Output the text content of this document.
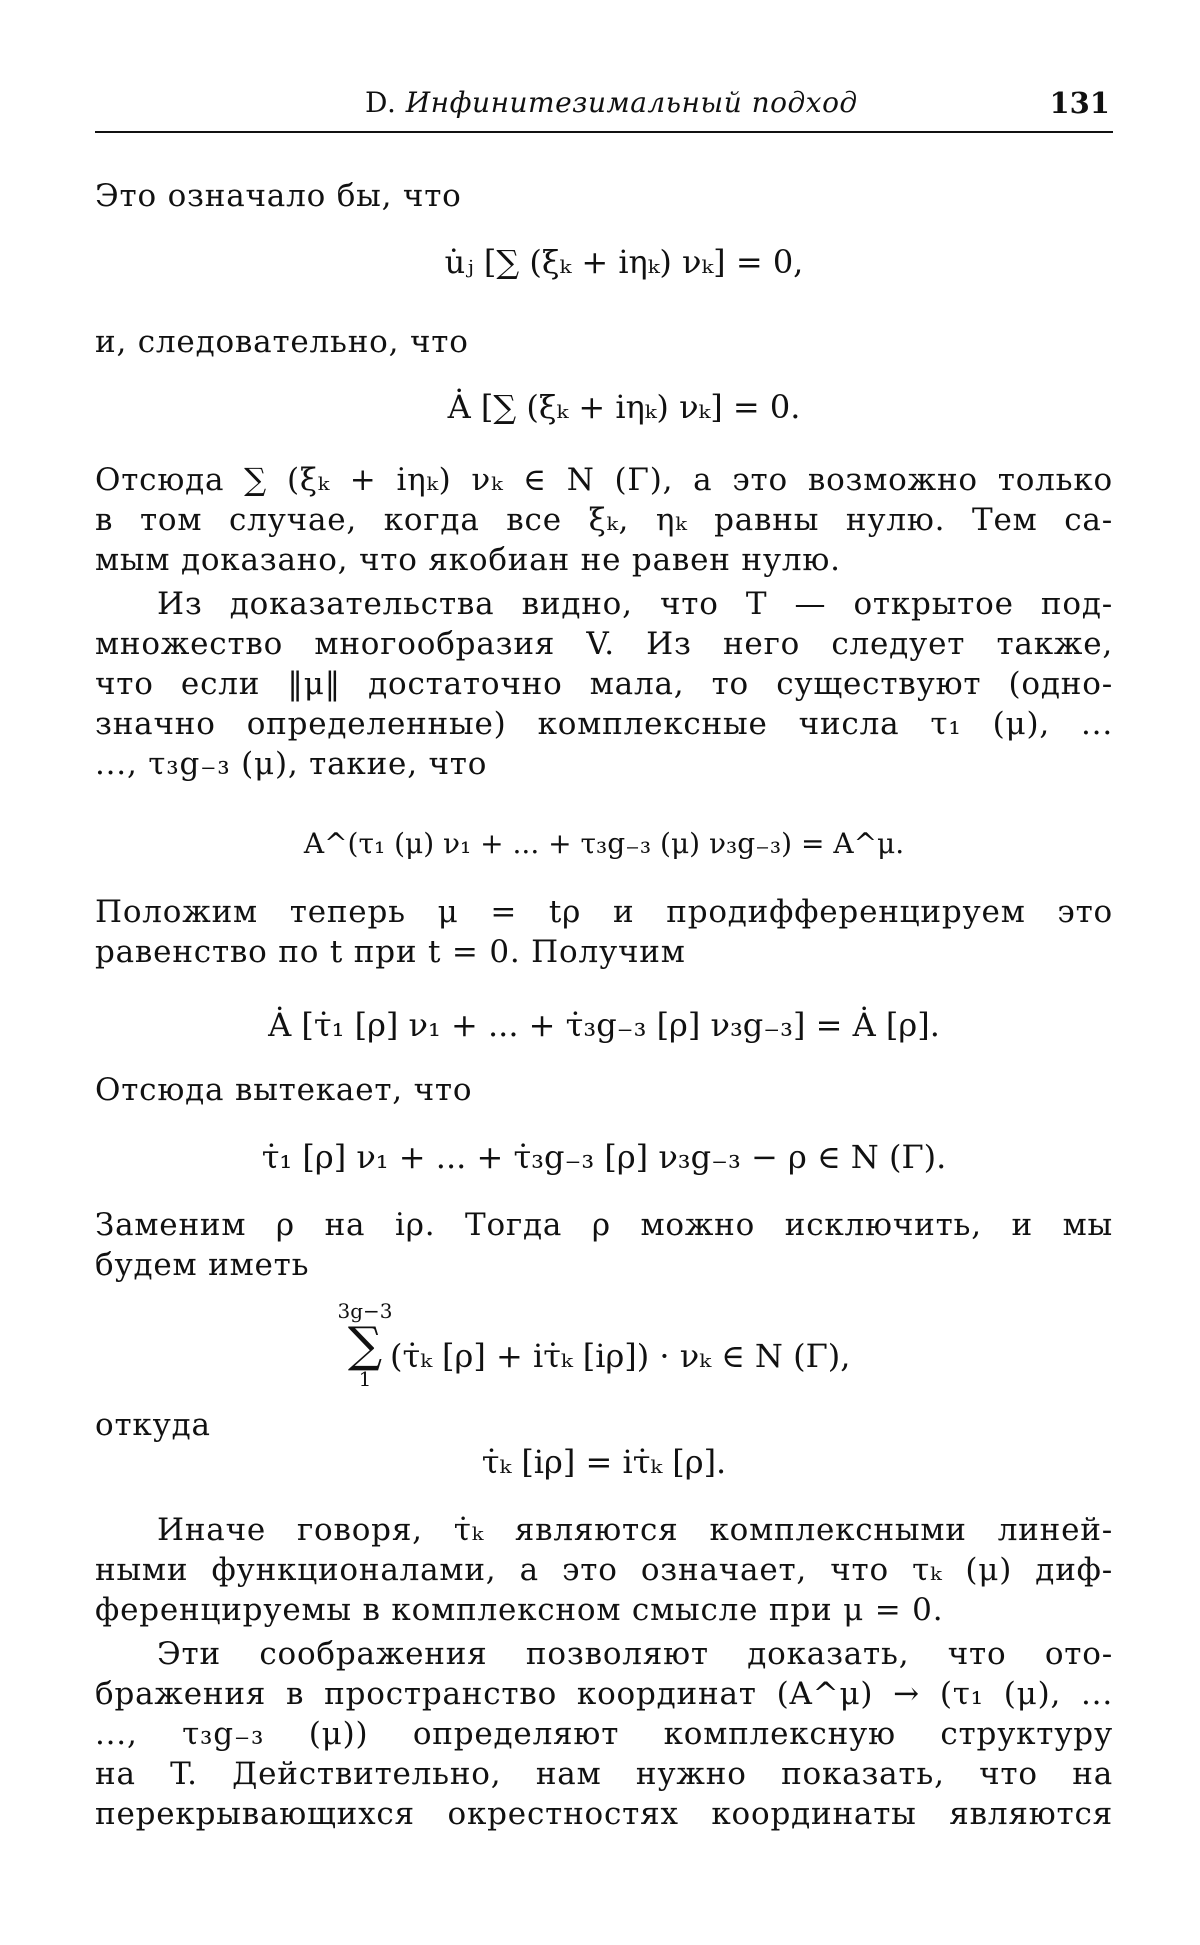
D. Инфинитезимальный подход	131
Это означало бы, что
u̇ⱼ [∑ (ξₖ + iηₖ) νₖ] = 0,
и, следовательно, что
Ȧ [∑ (ξₖ + iηₖ) νₖ] = 0.
Отсюда ∑ (ξₖ + iηₖ) νₖ ∈ N (Γ), а это возможно только
в том случае, когда все ξₖ, ηₖ равны нулю. Тем са-
мым доказано, что якобиан не равен нулю.
Из доказательства видно, что T — открытое под-
множество многообразия V. Из него следует также,
что если ‖μ‖ достаточно мала, то существуют (одно-
значно определенные) комплексные числа τ₁ (μ), ...
..., τ₃g₋₃ (μ), такие, что
A^(τ₁ (μ) ν₁ + ... + τ₃g₋₃ (μ) ν₃g₋₃) = A^μ.
Положим теперь μ = tρ и продифференцируем это
равенство по t при t = 0. Получим
Ȧ [τ̇₁ [ρ] ν₁ + ... + τ̇₃g₋₃ [ρ] ν₃g₋₃] = Ȧ [ρ].
Отсюда вытекает, что
τ̇₁ [ρ] ν₁ + ... + τ̇₃g₋₃ [ρ] ν₃g₋₃ − ρ ∈ N (Γ).
Заменим ρ на iρ. Тогда ρ можно исключить, и мы
будем иметь
3g−3
∑
1
(τ̇ₖ [ρ] + iτ̇ₖ [iρ]) · νₖ ∈ N (Γ),
откуда
τ̇ₖ [iρ] = iτ̇ₖ [ρ].
Иначе говоря, τ̇ₖ являются комплексными линей-
ными функционалами, а это означает, что τₖ (μ) диф-
ференцируемы в комплексном смысле при μ = 0.
Эти соображения позволяют доказать, что ото-
бражения в пространство координат (A^μ) → (τ₁ (μ), ...
..., τ₃g₋₃ (μ)) определяют комплексную структуру
на T. Действительно, нам нужно показать, что на
перекрывающихся окрестностях координаты являются
